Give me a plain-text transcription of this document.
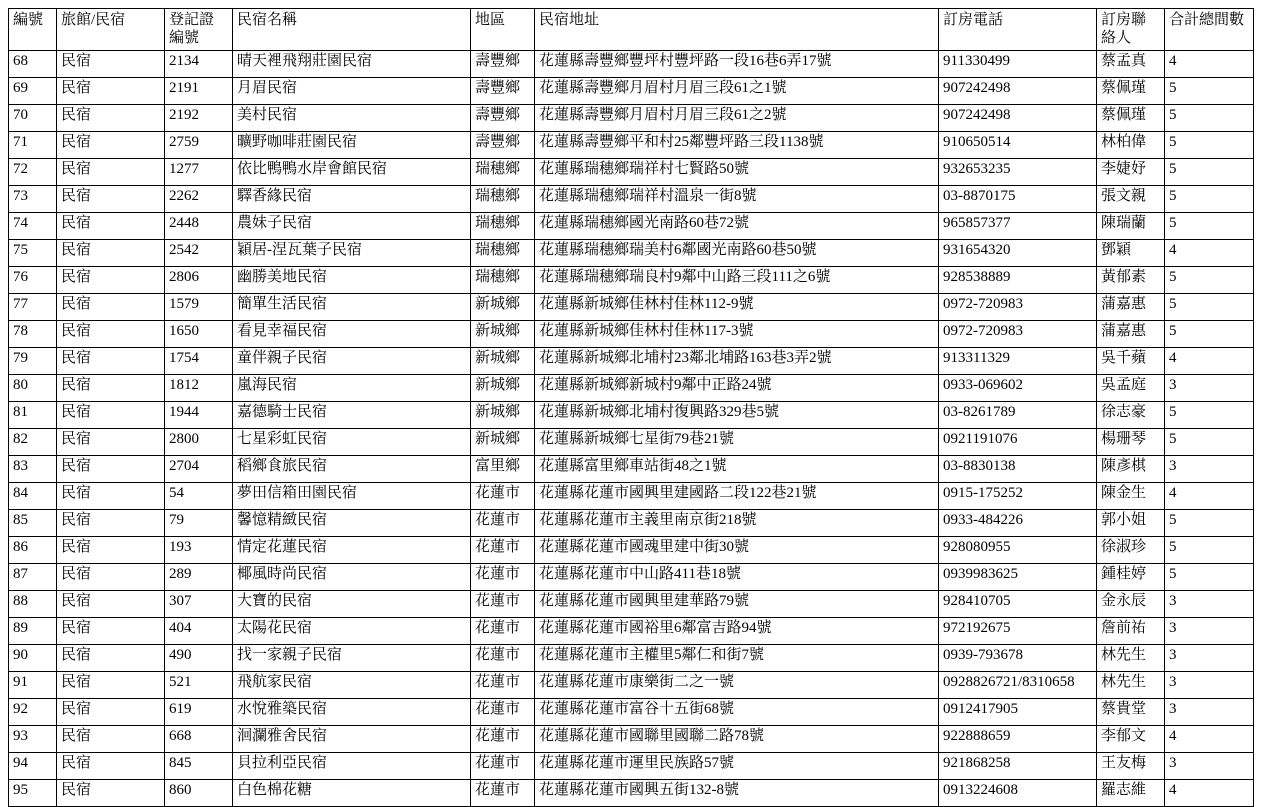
編號	旅館/民宿	登記證編號	民宿名稱	地區	民宿地址	訂房電話	訂房聯絡人	合計總間數
68	民宿	2134	晴天裡飛翔莊園民宿	壽豐鄉	花蓮縣壽豐鄉豐坪村豐坪路一段16巷6弄17號	911330499	蔡孟真	4
69	民宿	2191	月眉民宿	壽豐鄉	花蓮縣壽豐鄉月眉村月眉三段61之1號	907242498	蔡佩瑾	5
70	民宿	2192	美村民宿	壽豐鄉	花蓮縣壽豐鄉月眉村月眉三段61之2號	907242498	蔡佩瑾	5
71	民宿	2759	曠野咖啡莊園民宿	壽豐鄉	花蓮縣壽豐鄉平和村25鄰豐坪路三段1138號	910650514	林柏偉	5
72	民宿	1277	依比鴨鴨水岸會館民宿	瑞穗鄉	花蓮縣瑞穗鄉瑞祥村七賢路50號	932653235	李婕妤	5
73	民宿	2262	驛香緣民宿	瑞穗鄉	花蓮縣瑞穗鄉瑞祥村溫泉一街8號	03-8870175	張文親	5
74	民宿	2448	農妹子民宿	瑞穗鄉	花蓮縣瑞穗鄉國光南路60巷72號	965857377	陳瑞蘭	5
75	民宿	2542	穎居-涅瓦葉子民宿	瑞穗鄉	花蓮縣瑞穗鄉瑞美村6鄰國光南路60巷50號	931654320	鄧穎	4
76	民宿	2806	幽勝美地民宿	瑞穗鄉	花蓮縣瑞穗鄉瑞良村9鄰中山路三段111之6號	928538889	黃郁素	5
77	民宿	1579	簡單生活民宿	新城鄉	花蓮縣新城鄉佳林村佳林112-9號	0972-720983	蒲嘉惠	5
78	民宿	1650	看見幸福民宿	新城鄉	花蓮縣新城鄉佳林村佳林117-3號	0972-720983	蒲嘉惠	5
79	民宿	1754	童伴親子民宿	新城鄉	花蓮縣新城鄉北埔村23鄰北埔路163巷3弄2號	913311329	吳千蘋	4
80	民宿	1812	嵐海民宿	新城鄉	花蓮縣新城鄉新城村9鄰中正路24號	0933-069602	吳孟庭	3
81	民宿	1944	嘉德騎士民宿	新城鄉	花蓮縣新城鄉北埔村復興路329巷5號	03-8261789	徐志豪	5
82	民宿	2800	七星彩虹民宿	新城鄉	花蓮縣新城鄉七星街79巷21號	0921191076	楊珊琴	5
83	民宿	2704	稻鄉食旅民宿	富里鄉	花蓮縣富里鄉車站街48之1號	03-8830138	陳彥棋	3
84	民宿	54	夢田信箱田園民宿	花蓮市	花蓮縣花蓮市國興里建國路二段122巷21號	0915-175252	陳金生	4
85	民宿	79	馨憶精緻民宿	花蓮市	花蓮縣花蓮市主義里南京街218號	0933-484226	郭小姐	5
86	民宿	193	情定花蓮民宿	花蓮市	花蓮縣花蓮市國魂里建中街30號	928080955	徐淑珍	5
87	民宿	289	椰風時尚民宿	花蓮市	花蓮縣花蓮市中山路411巷18號	0939983625	鍾桂婷	5
88	民宿	307	大寶的民宿	花蓮市	花蓮縣花蓮市國興里建華路79號	928410705	金永辰	3
89	民宿	404	太陽花民宿	花蓮市	花蓮縣花蓮市國裕里6鄰富吉路94號	972192675	詹前祐	3
90	民宿	490	找一家親子民宿	花蓮市	花蓮縣花蓮市主權里5鄰仁和街7號	0939-793678	林先生	3
91	民宿	521	飛航家民宿	花蓮市	花蓮縣花蓮市康樂街二之一號	0928826721/8310658	林先生	3
92	民宿	619	水悅雅築民宿	花蓮市	花蓮縣花蓮市富谷十五街68號	0912417905	蔡貴堂	3
93	民宿	668	洄瀾雅舍民宿	花蓮市	花蓮縣花蓮市國聯里國聯二路78號	922888659	李郁文	4
94	民宿	845	貝拉利亞民宿	花蓮市	花蓮縣花蓮市運里民族路57號	921868258	王友梅	3
95	民宿	860	白色棉花糖	花蓮市	花蓮縣花蓮市國興五街132-8號	0913224608	羅志維	4
